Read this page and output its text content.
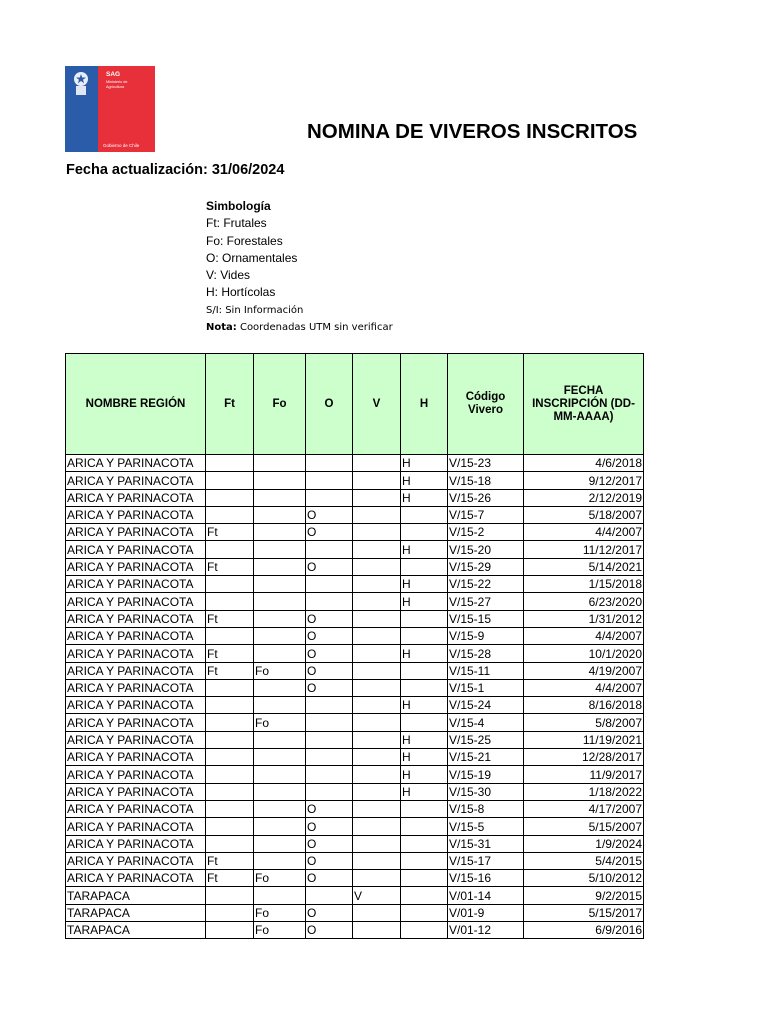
SAG
Ministerio de
Agricultura
Gobierno de Chile
NOMINA DE VIVEROS INSCRITOS
Fecha actualización: 31/06/2024
Simbología
Ft: Frutales
Fo: Forestales
O: Ornamentales
V: Vides
H: Hortícolas
S/I: Sin Información
Nota: Coordenadas UTM sin verificar
NOMBRE REGIÓN	Ft	Fo	O	V	H	Código Vivero	FECHA INSCRIPCIÓN (DD-MM-AAAA)
ARICA Y PARINACOTA					H	V/15-23	4/6/2018
ARICA Y PARINACOTA					H	V/15-18	9/12/2017
ARICA Y PARINACOTA					H	V/15-26	2/12/2019
ARICA Y PARINACOTA			O			V/15-7	5/18/2007
ARICA Y PARINACOTA	Ft		O			V/15-2	4/4/2007
ARICA Y PARINACOTA					H	V/15-20	11/12/2017
ARICA Y PARINACOTA	Ft		O			V/15-29	5/14/2021
ARICA Y PARINACOTA					H	V/15-22	1/15/2018
ARICA Y PARINACOTA					H	V/15-27	6/23/2020
ARICA Y PARINACOTA	Ft		O			V/15-15	1/31/2012
ARICA Y PARINACOTA			O			V/15-9	4/4/2007
ARICA Y PARINACOTA	Ft		O		H	V/15-28	10/1/2020
ARICA Y PARINACOTA	Ft	Fo	O			V/15-11	4/19/2007
ARICA Y PARINACOTA			O			V/15-1	4/4/2007
ARICA Y PARINACOTA					H	V/15-24	8/16/2018
ARICA Y PARINACOTA		Fo				V/15-4	5/8/2007
ARICA Y PARINACOTA					H	V/15-25	11/19/2021
ARICA Y PARINACOTA					H	V/15-21	12/28/2017
ARICA Y PARINACOTA					H	V/15-19	11/9/2017
ARICA Y PARINACOTA					H	V/15-30	1/18/2022
ARICA Y PARINACOTA			O			V/15-8	4/17/2007
ARICA Y PARINACOTA			O			V/15-5	5/15/2007
ARICA Y PARINACOTA			O			V/15-31	1/9/2024
ARICA Y PARINACOTA	Ft		O			V/15-17	5/4/2015
ARICA Y PARINACOTA	Ft	Fo	O			V/15-16	5/10/2012
TARAPACA				V		V/01-14	9/2/2015
TARAPACA		Fo	O			V/01-9	5/15/2017
TARAPACA		Fo	O			V/01-12	6/9/2016
